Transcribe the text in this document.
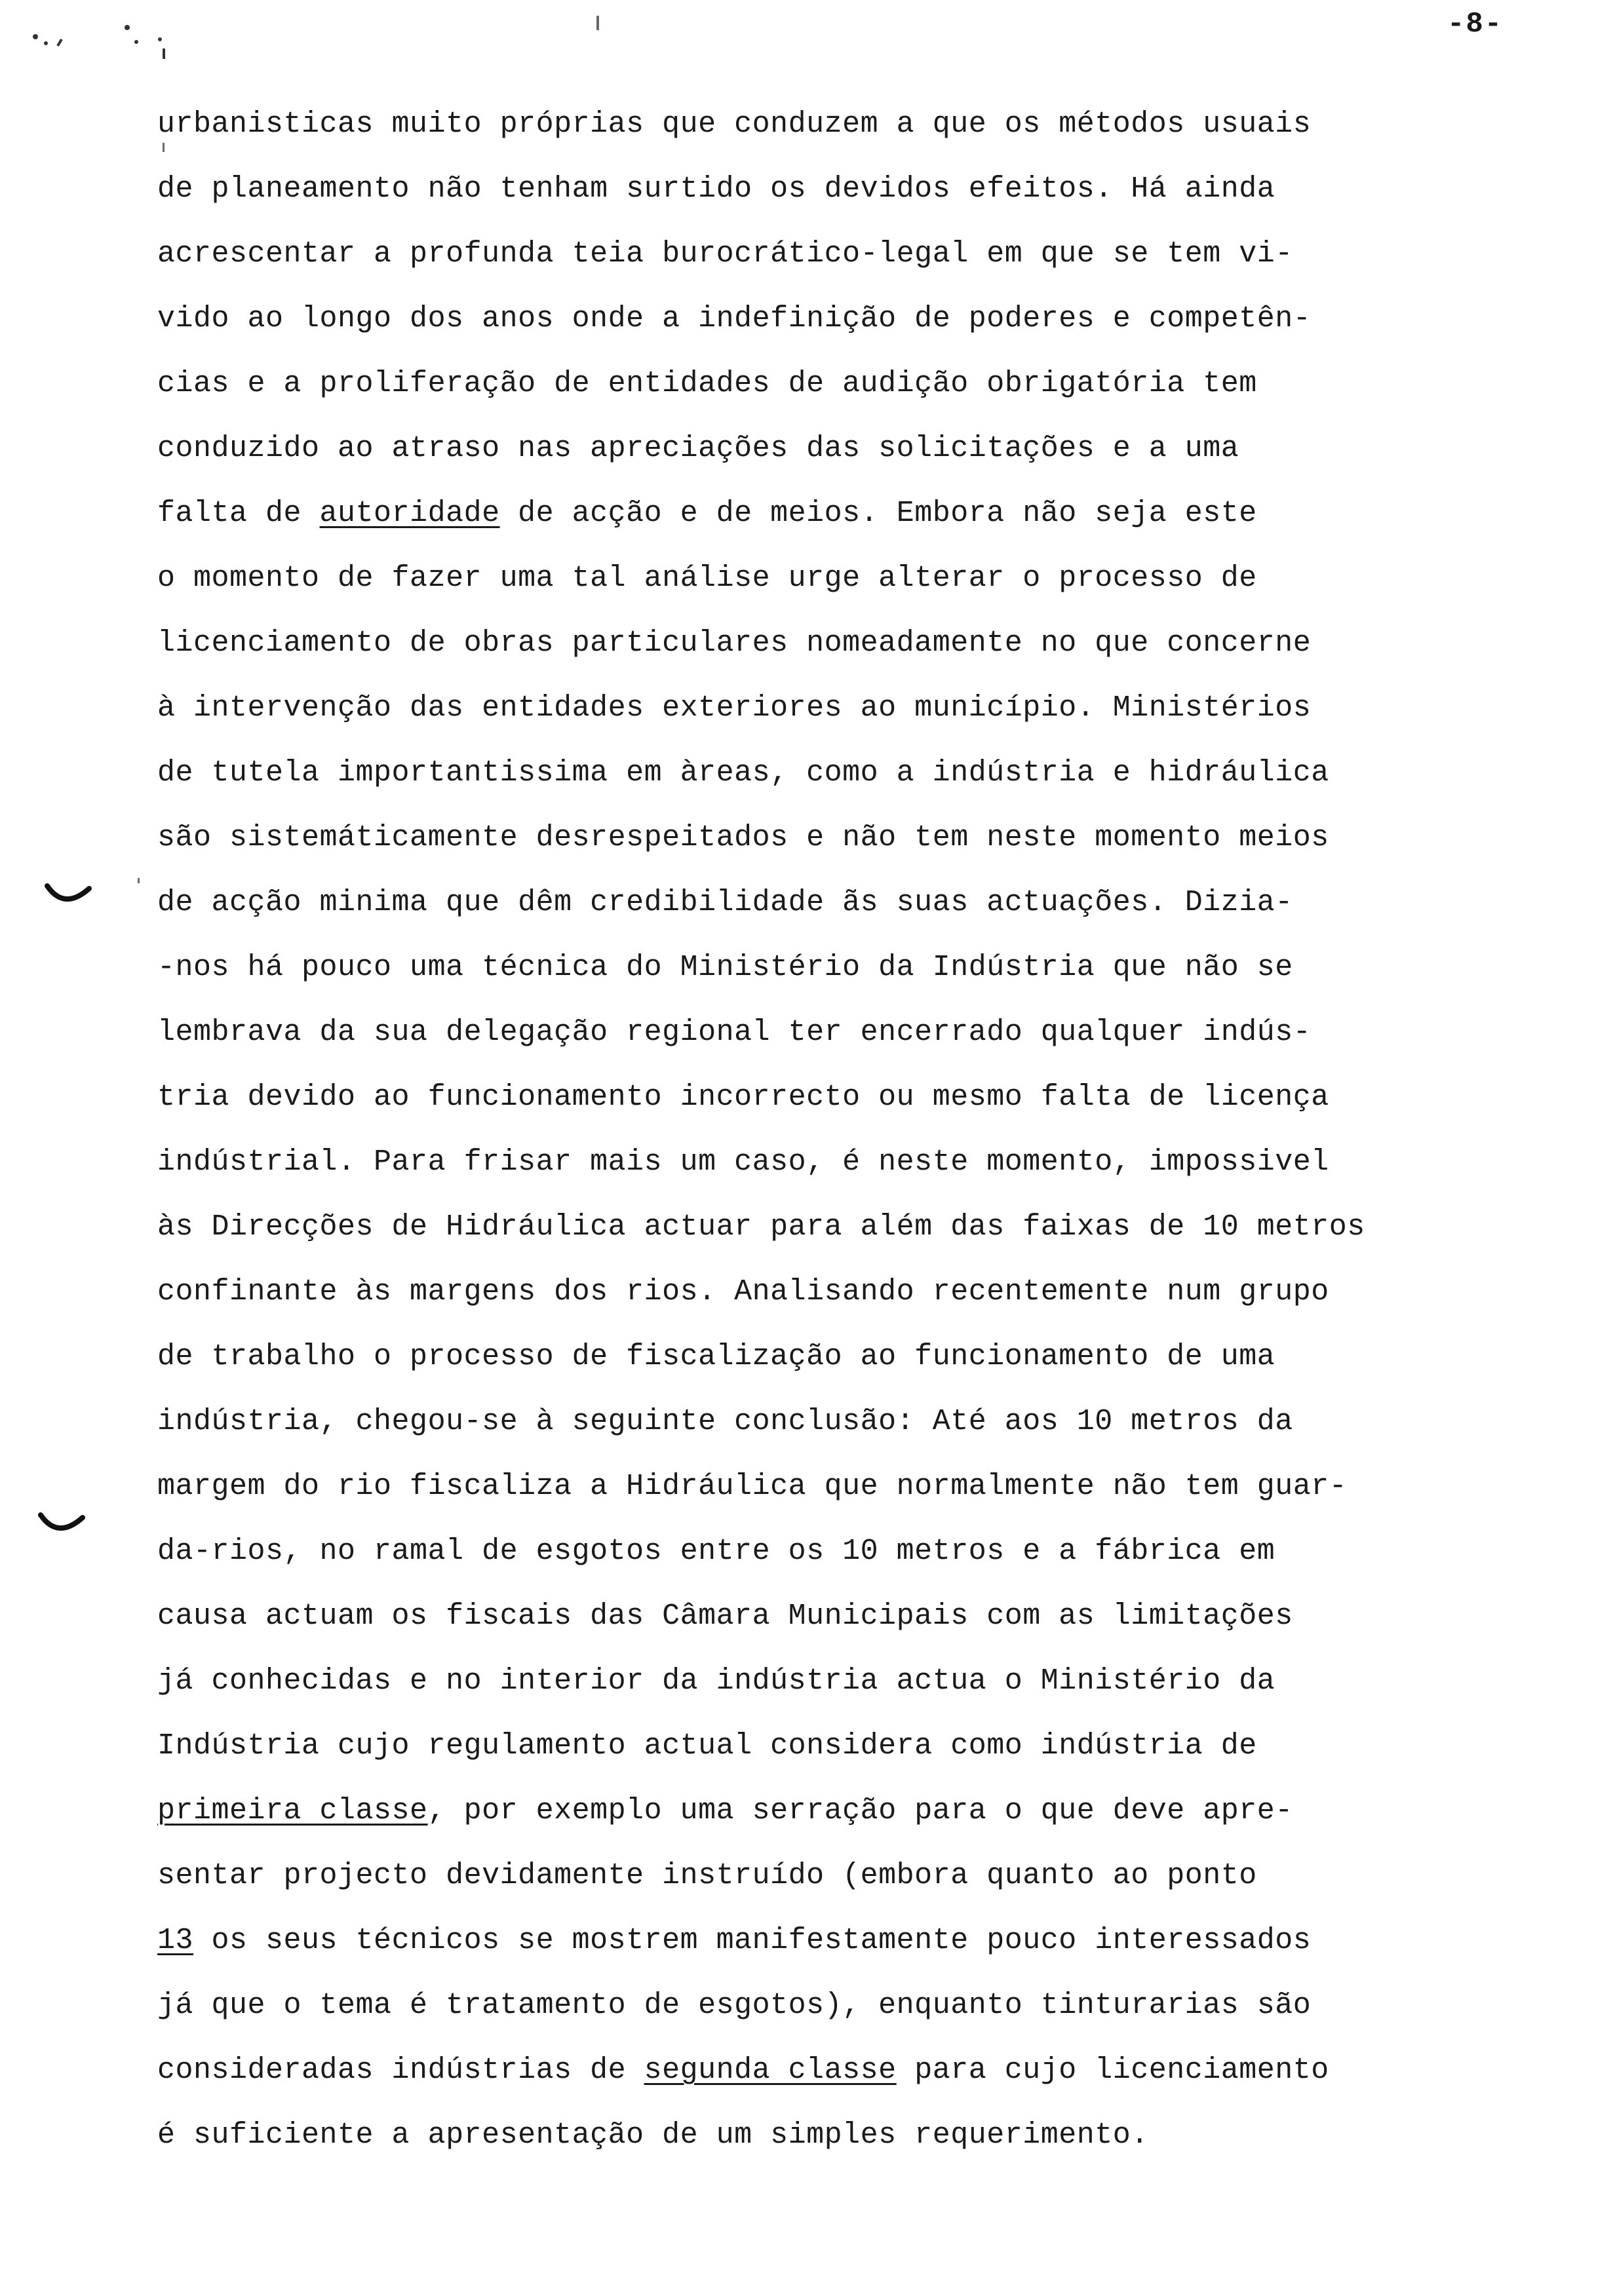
-8-
urbanisticas muito próprias que conduzem a que os métodos usuais
de planeamento não tenham surtido os devidos efeitos. Há ainda
acrescentar a profunda teia burocrático-legal em que se tem vi-
vido ao longo dos anos onde a indefinição de poderes e competên-
cias e a proliferação de entidades de audição obrigatória tem
conduzido ao atraso nas apreciações das solicitações e a uma
falta de autoridade de acção e de meios. Embora não seja este
o momento de fazer uma tal análise urge alterar o processo de
licenciamento de obras particulares nomeadamente no que concerne
à intervenção das entidades exteriores ao município. Ministérios
de tutela importantissima em àreas, como a indústria e hidráulica
são sistemáticamente desrespeitados e não tem neste momento meios
de acção minima que dêm credibilidade ãs suas actuações. Dizia-
-nos há pouco uma técnica do Ministério da Indústria que não se
lembrava da sua delegação regional ter encerrado qualquer indús-
tria devido ao funcionamento incorrecto ou mesmo falta de licença
indústrial. Para frisar mais um caso, é neste momento, impossivel
às Direcções de Hidráulica actuar para além das faixas de 10 metros
confinante às margens dos rios. Analisando recentemente num grupo
de trabalho o processo de fiscalização ao funcionamento de uma
indústria, chegou-se à seguinte conclusão: Até aos 10 metros da
margem do rio fiscaliza a Hidráulica que normalmente não tem guar-
da-rios, no ramal de esgotos entre os 10 metros e a fábrica em
causa actuam os fiscais das Câmara Municipais com as limitações
já conhecidas e no interior da indústria actua o Ministério da
Indústria cujo regulamento actual considera como indústria de
primeira classe, por exemplo uma serração para o que deve apre-
sentar projecto devidamente instruído (embora quanto ao ponto
13 os seus técnicos se mostrem manifestamente pouco interessados
já que o tema é tratamento de esgotos), enquanto tinturarias são
consideradas indústrias de segunda classe para cujo licenciamento
é suficiente a apresentação de um simples requerimento.
